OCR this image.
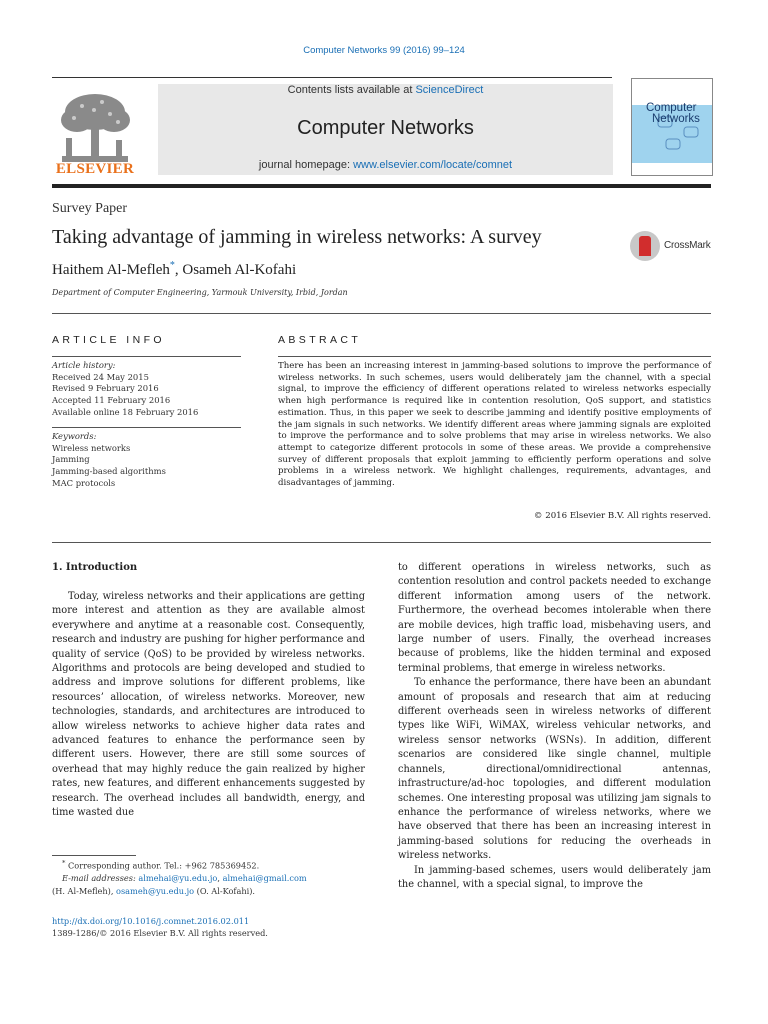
Computer Networks 99 (2016) 99–124
ELSEVIER
Contents lists available at ScienceDirect
Computer Networks
journal homepage: www.elsevier.com/locate/comnet
Computer
Networks
Survey Paper
Taking advantage of jamming in wireless networks: A survey
Haithem Al-Mefleh*, Osameh Al-Kofahi
Department of Computer Engineering, Yarmouk University, Irbid, Jordan
CrossMark
ARTICLE INFO	ABSTRACT
Article history:
Received 24 May 2015
Revised 9 February 2016
Accepted 11 February 2016
Available online 18 February 2016
Keywords:
Wireless networks
Jamming
Jamming-based algorithms
MAC protocols
There has been an increasing interest in jamming-based solutions to improve the performance of wireless networks. In such schemes, users would deliberately jam the channel, with a special signal, to improve the efficiency of different operations related to wireless networks especially when high performance is required like in contention resolution, QoS support, and statistics estimation. Thus, in this paper we seek to describe jamming and identify positive employments of the jam signals in such networks. We identify different areas where jamming signals are exploited to improve the performance and to solve problems that may arise in wireless networks. We also attempt to categorize different protocols in some of these areas. We provide a comprehensive survey of different proposals that exploit jamming to efficiently perform operations and solve problems in a wireless network. We highlight challenges, requirements, advantages, and disadvantages of jamming.
© 2016 Elsevier B.V. All rights reserved.
1. Introduction

Today, wireless networks and their applications are getting more interest and attention as they are available almost everywhere and anytime at a reasonable cost. Consequently, research and industry are pushing for higher performance and quality of service (QoS) to be provided by wireless networks. Algorithms and protocols are being developed and studied to address and improve solutions for different problems, like resources’ allocation, of wireless networks. Moreover, new technologies, standards, and architectures are introduced to allow wireless networks to achieve higher data rates and advanced features to enhance the performance seen by different users. However, there are still some sources of overhead that may highly reduce the gain realized by higher rates, new features, and different enhancements suggested by research. The overhead includes all bandwidth, energy, and time wasted due

to different operations in wireless networks, such as contention resolution and control packets needed to exchange different information among users of the network. Furthermore, the overhead becomes intolerable when there are mobile devices, high traffic load, misbehaving users, and large number of users. Finally, the overhead increases because of problems, like the hidden terminal and exposed terminal problems, that emerge in wireless networks.

To enhance the performance, there have been an abundant amount of proposals and research that aim at reducing different overheads seen in wireless networks of different types like WiFi, WiMAX, wireless vehicular networks, and wireless sensor networks (WSNs). In addition, different scenarios are considered like single channel, multiple channels, directional/omnidirectional antennas, infrastructure/ad-hoc topologies, and different modulation schemes. One interesting proposal was utilizing jam signals to enhance the performance of wireless networks, where we have observed that there has been an increasing interest in jamming-based solutions for reducing the overheads in wireless networks.

In jamming-based schemes, users would deliberately jam the channel, with a special signal, to improve the

* Corresponding author. Tel.: +962 785369452.
E-mail addresses: almehai@yu.edu.jo, almehai@gmail.com
(H. Al-Mefleh), osameh@yu.edu.jo (O. Al-Kofahi).
http://dx.doi.org/10.1016/j.comnet.2016.02.011
1389-1286/© 2016 Elsevier B.V. All rights reserved.
